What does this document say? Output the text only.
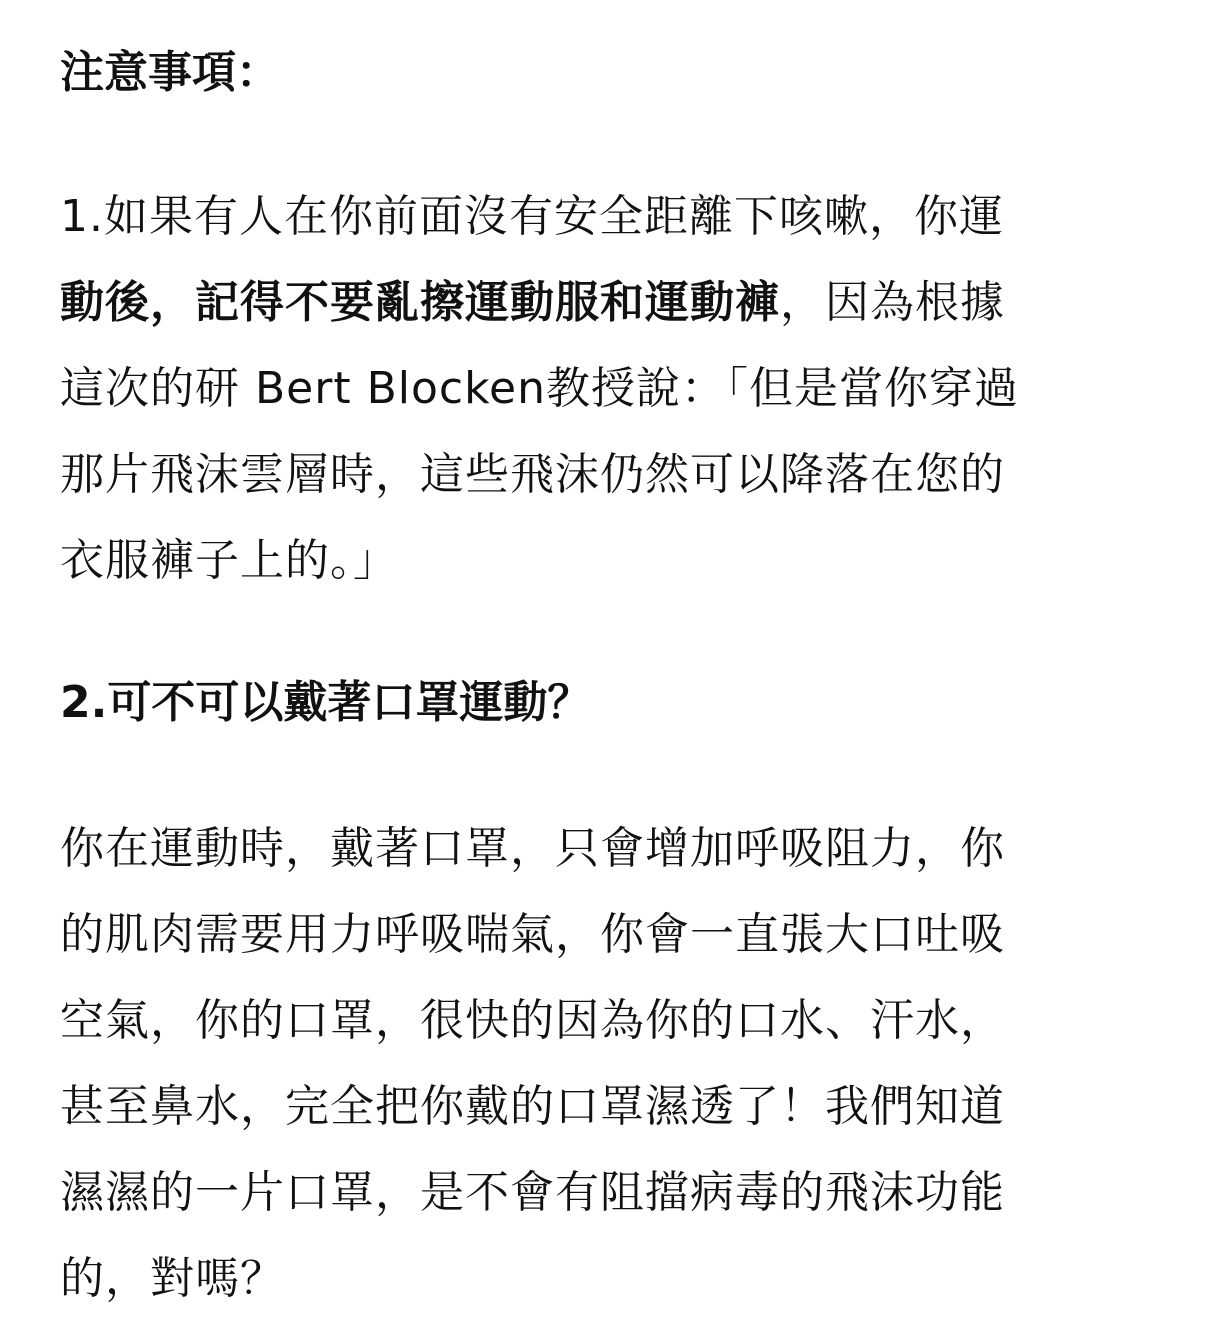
注意事項：

1.如果有人在你前面沒有安全距離下咳嗽，你運
動後，記得不要亂擦運動服和運動褲，因為根據
這次的研 Bert Blocken教授說：「但是當你穿過
那片飛沫雲層時，這些飛沫仍然可以降落在您的
衣服褲子上的。」

2.可不可以戴著口罩運動？

你在運動時，戴著口罩，只會增加呼吸阻力，你
的肌肉需要用力呼吸喘氣，你會一直張大口吐吸
空氣，你的口罩，很快的因為你的口水、汗水，
甚至鼻水，完全把你戴的口罩濕透了！我們知道
濕濕的一片口罩，是不會有阻擋病毒的飛沫功能
的，對嗎？
